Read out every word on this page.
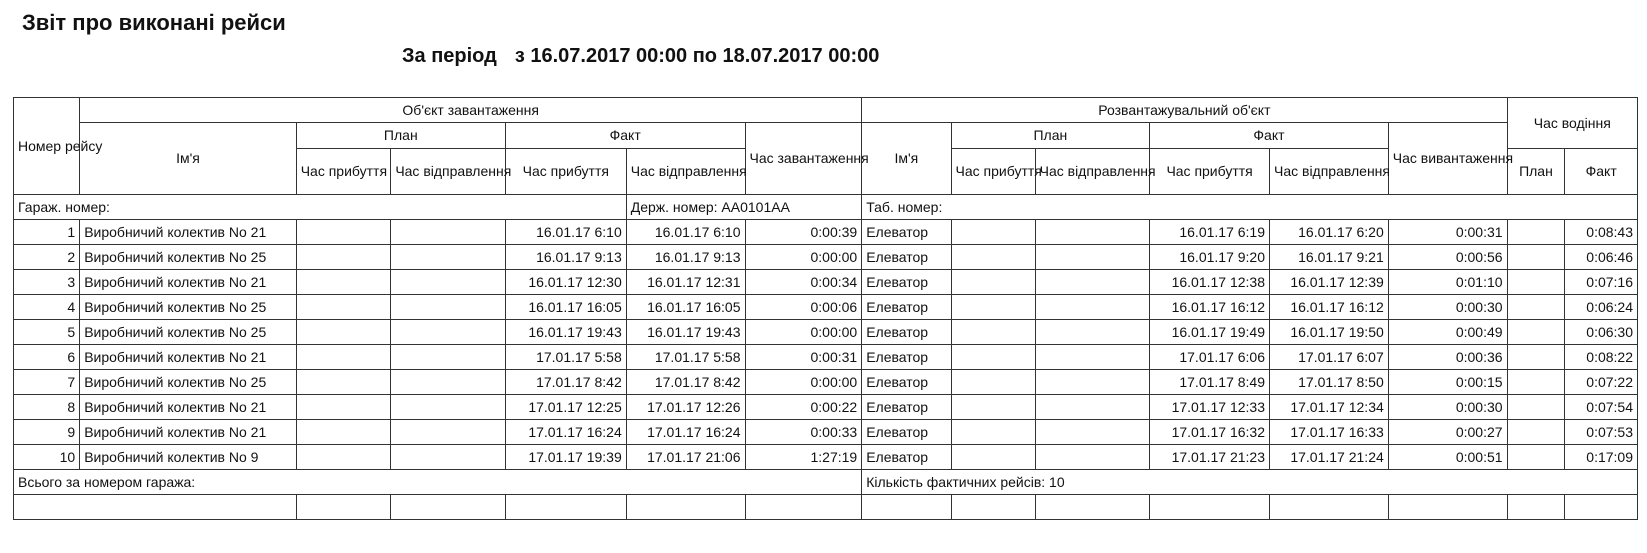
Звіт про виконані рейси
За період з 16.07.2017 00:00 по 18.07.2017 00:00
Номер рейсу	Об'єкт завантаження						Розвантажувальний об'єкт						Час водіння	
	Ім'я	План		Факт		Час завантаження	Ім'я	План		Факт		Час вивантаження		
		Час прибуття	Час відправлення	Час прибуття	Час відправлення			Час прибуття	Час відправлення	Час прибуття	Час відправлення		План	Факт
Гараж. номер:					Держ. номер: AA0101AA		Таб. номер:							
1	Виробничий колектив No 21			16.01.17 6:10	16.01.17 6:10	0:00:39	Елеватор			16.01.17 6:19	16.01.17 6:20	0:00:31		0:08:43
2	Виробничий колектив No 25			16.01.17 9:13	16.01.17 9:13	0:00:00	Елеватор			16.01.17 9:20	16.01.17 9:21	0:00:56		0:06:46
3	Виробничий колектив No 21			16.01.17 12:30	16.01.17 12:31	0:00:34	Елеватор			16.01.17 12:38	16.01.17 12:39	0:01:10		0:07:16
4	Виробничий колектив No 25			16.01.17 16:05	16.01.17 16:05	0:00:06	Елеватор			16.01.17 16:12	16.01.17 16:12	0:00:30		0:06:24
5	Виробничий колектив No 25			16.01.17 19:43	16.01.17 19:43	0:00:00	Елеватор			16.01.17 19:49	16.01.17 19:50	0:00:49		0:06:30
6	Виробничий колектив No 21			17.01.17 5:58	17.01.17 5:58	0:00:31	Елеватор			17.01.17 6:06	17.01.17 6:07	0:00:36		0:08:22
7	Виробничий колектив No 25			17.01.17 8:42	17.01.17 8:42	0:00:00	Елеватор			17.01.17 8:49	17.01.17 8:50	0:00:15		0:07:22
8	Виробничий колектив No 21			17.01.17 12:25	17.01.17 12:26	0:00:22	Елеватор			17.01.17 12:33	17.01.17 12:34	0:00:30		0:07:54
9	Виробничий колектив No 21			17.01.17 16:24	17.01.17 16:24	0:00:33	Елеватор			17.01.17 16:32	17.01.17 16:33	0:00:27		0:07:53
10	Виробничий колектив No 9			17.01.17 19:39	17.01.17 21:06	1:27:19	Елеватор			17.01.17 21:23	17.01.17 21:24	0:00:51		0:17:09
Всього за номером гаража:							Кількість фактичних рейсів: 10							
